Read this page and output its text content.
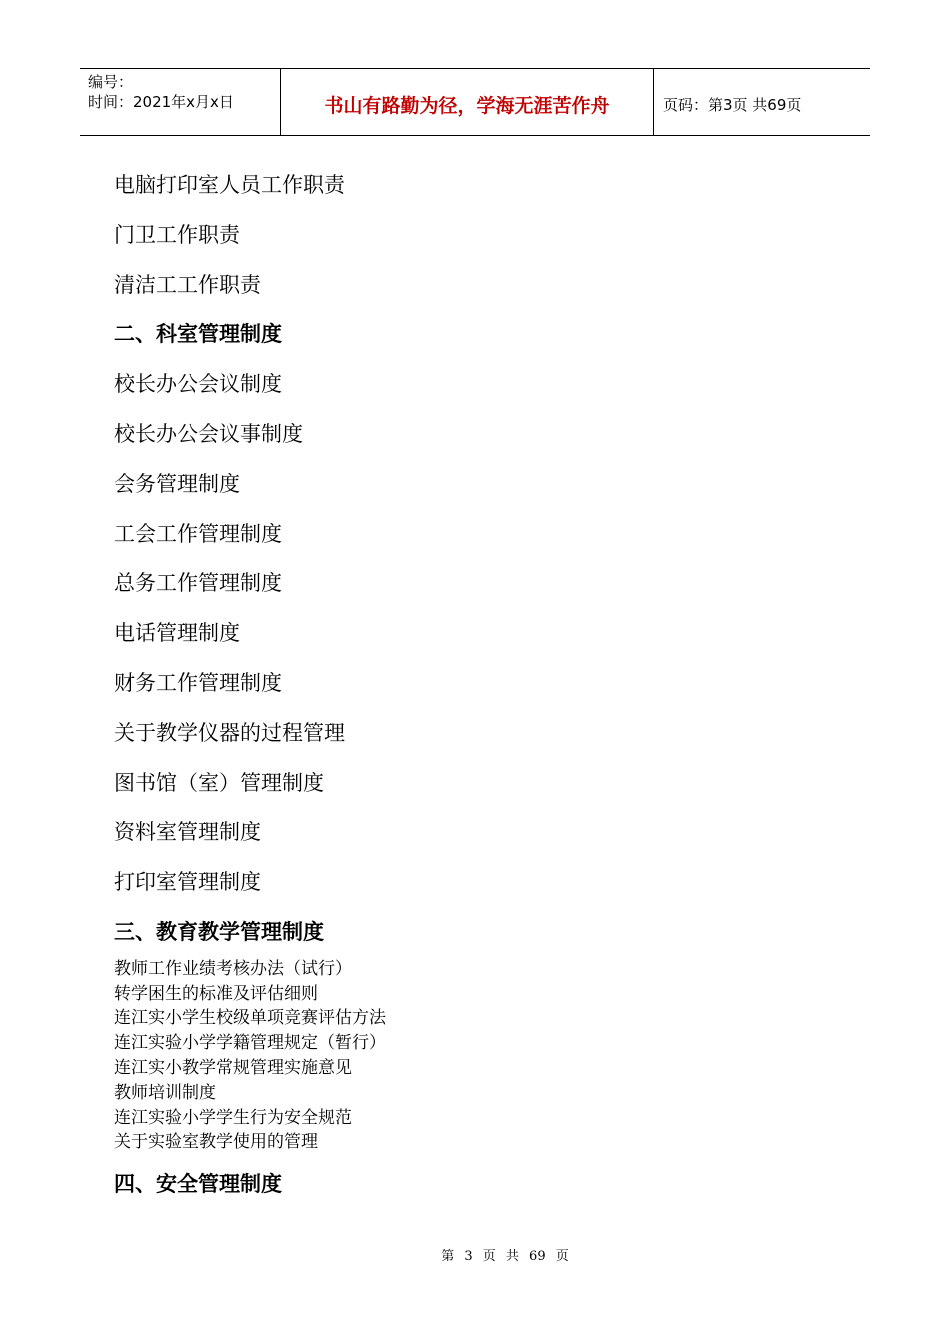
编号：
时间：2021年x月x日	书山有路勤为径，学海无涯苦作舟	页码：第3页 共69页
电脑打印室人员工作职责
门卫工作职责
清洁工工作职责
二、科室管理制度
校长办公会议制度
校长办公会议事制度
会务管理制度
工会工作管理制度
总务工作管理制度
电话管理制度
财务工作管理制度
关于教学仪器的过程管理
图书馆（室）管理制度
资料室管理制度
打印室管理制度
三、教育教学管理制度
教师工作业绩考核办法（试行）
转学困生的标准及评估细则
连江实小学生校级单项竞赛评估方法
连江实验小学学籍管理规定（暂行）
连江实小教学常规管理实施意见
教师培训制度
连江实验小学学生行为安全规范
关于实验室教学使用的管理
四、安全管理制度
第 3 页 共 69 页
